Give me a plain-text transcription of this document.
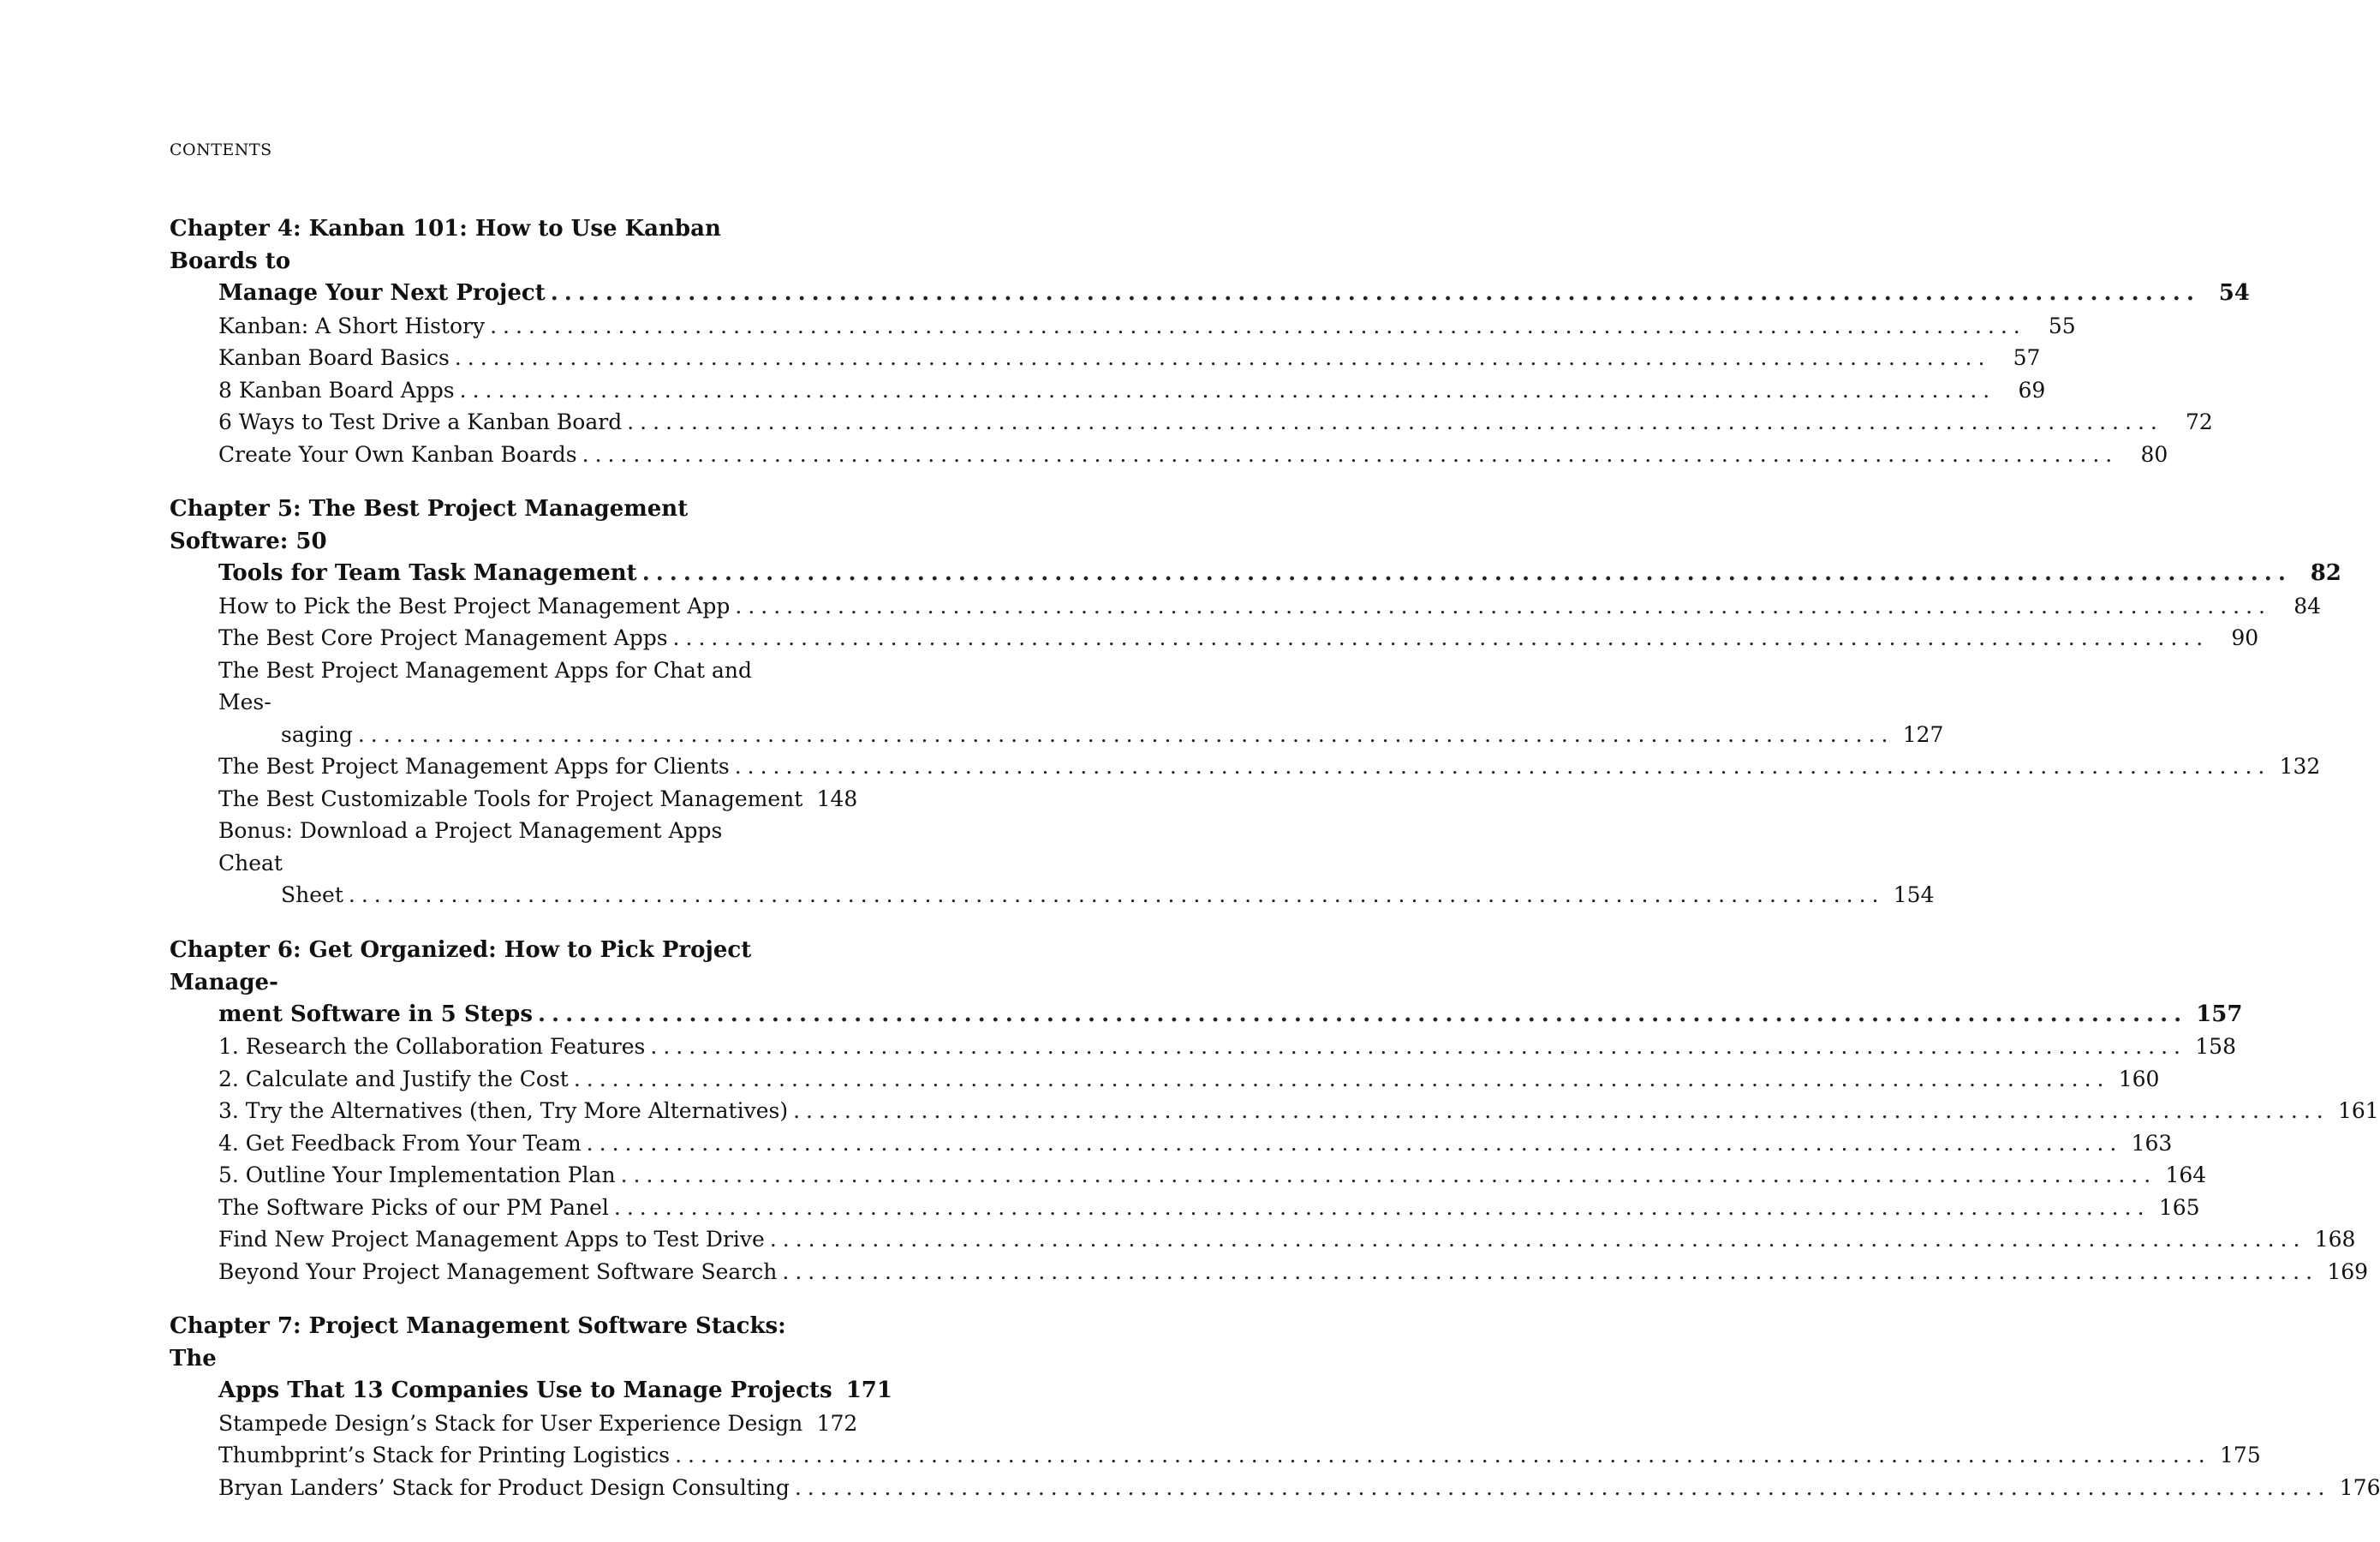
CONTENTS
Chapter 4: Kanban 101: How to Use Kanban Boards to
Manage Your Next Project ........................................................................................................................ 54
Kanban: A Short History ........................................................................................................................	55
Kanban Board Basics ........................................................................................................................	57
8 Kanban Board Apps ........................................................................................................................	69
6 Ways to Test Drive a Kanban Board ........................................................................................................................	72
Create Your Own Kanban Boards ........................................................................................................................	80
Chapter 5: The Best Project Management Software: 50
Tools for Team Task Management ........................................................................................................................ 82
How to Pick the Best Project Management App ........................................................................................................................	84
The Best Core Project Management Apps ........................................................................................................................	90
The Best Project Management Apps for Chat and Mes-
saging ........................................................................................................................ 127
The Best Project Management Apps for Clients ........................................................................................................................ 132
The Best Customizable Tools for Project Management 148
Bonus: Download a Project Management Apps Cheat
Sheet ........................................................................................................................ 154
Chapter 6: Get Organized: How to Pick Project Manage-
ment Software in 5 Steps ........................................................................................................................ 157
1. Research the Collaboration Features ........................................................................................................................ 158
2. Calculate and Justify the Cost ........................................................................................................................ 160
3. Try the Alternatives (then, Try More Alternatives) ........................................................................................................................ 161
4. Get Feedback From Your Team ........................................................................................................................ 163
5. Outline Your Implementation Plan ........................................................................................................................ 164
The Software Picks of our PM Panel ........................................................................................................................ 165
Find New Project Management Apps to Test Drive ........................................................................................................................ 168
Beyond Your Project Management Software Search ........................................................................................................................ 169
Chapter 7: Project Management Software Stacks: The
Apps That 13 Companies Use to Manage Projects 171
Stampede Design’s Stack for User Experience Design 172
Thumbprint’s Stack for Printing Logistics ........................................................................................................................ 175
Bryan Landers’ Stack for Product Design Consulting ........................................................................................................................ 176
